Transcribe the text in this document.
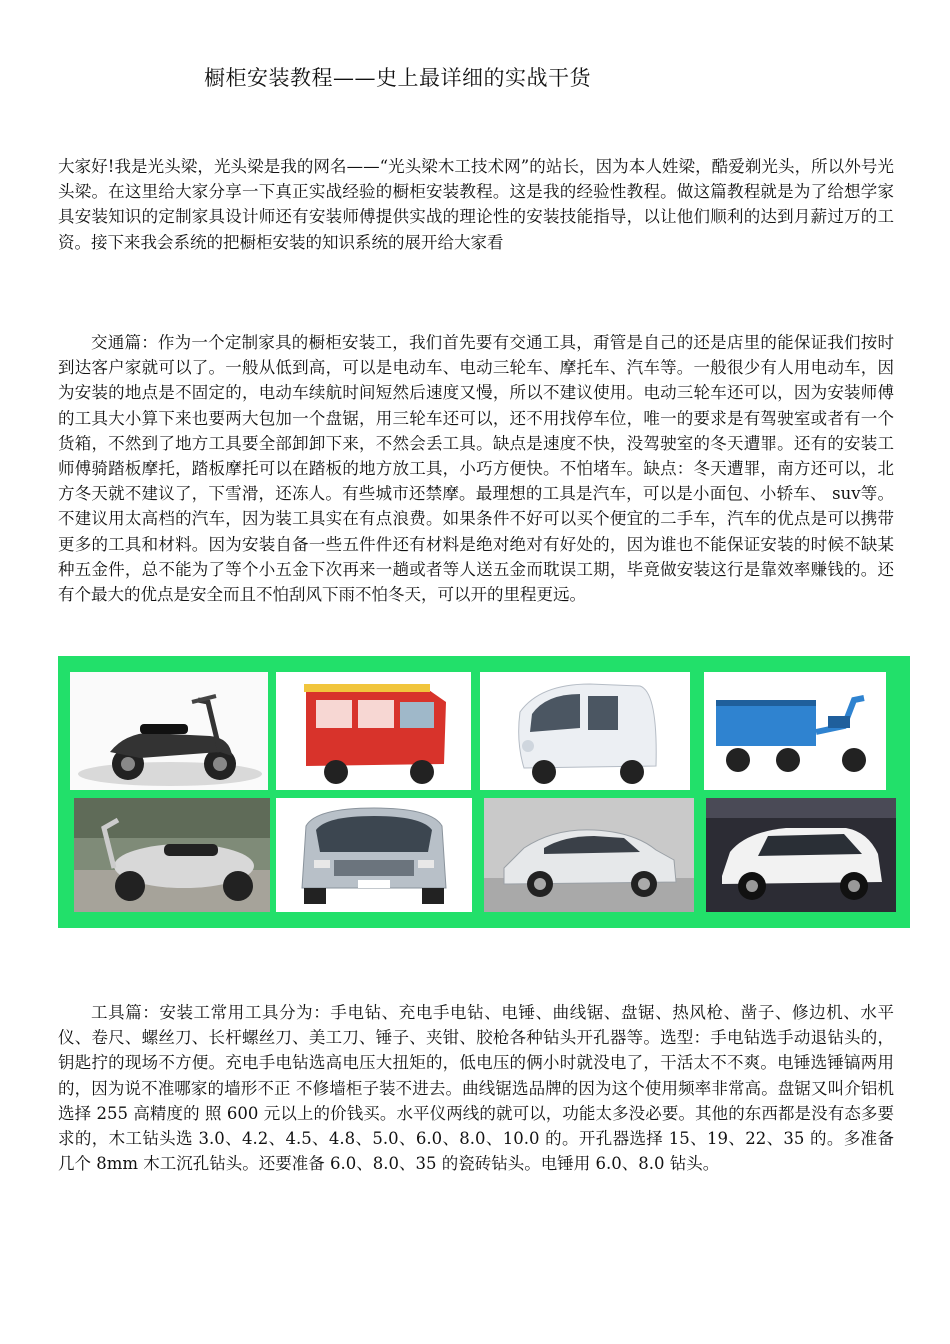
橱柜安装教程——史上最详细的实战干货

大家好!我是光头梁，光头梁是我的网名——“光头梁木工技术网”的站长，因为本人姓梁，酷爱剃光头，所以外号光头梁。在这里给大家分享一下真正实战经验的橱柜安装教程。这是我的经验性教程。做这篇教程就是为了给想学家具安装知识的定制家具设计师还有安装师傅提供实战的理论性的安装技能指导，以让他们顺利的达到月薪过万的工资。接下来我会系统的把橱柜安装的知识系统的展开给大家看

交通篇：作为一个定制家具的橱柜安装工，我们首先要有交通工具，甭管是自己的还是店里的能保证我们按时到达客户家就可以了。一般从低到高，可以是电动车、电动三轮车、摩托车、汽车等。一般很少有人用电动车，因为安装的地点是不固定的，电动车续航时间短然后速度又慢，所以不建议使用。电动三轮车还可以，因为安装师傅的工具大小算下来也要两大包加一个盘锯，用三轮车还可以，还不用找停车位，唯一的要求是有驾驶室或者有一个货箱，不然到了地方工具要全部卸卸下来，不然会丢工具。缺点是速度不快，没驾驶室的冬天遭罪。还有的安装工师傅骑踏板摩托，踏板摩托可以在踏板的地方放工具，小巧方便快。不怕堵车。缺点：冬天遭罪，南方还可以，北方冬天就不建议了，下雪滑，还冻人。有些城市还禁摩。最理想的工具是汽车，可以是小面包、小轿车、 suv等。不建议用太高档的汽车，因为装工具实在有点浪费。如果条件不好可以买个便宜的二手车，汽车的优点是可以携带更多的工具和材料。因为安装自备一些五件件还有材料是绝对绝对有好处的，因为谁也不能保证安装的时候不缺某种五金件，总不能为了等个小五金下次再来一趟或者等人送五金而耽误工期，毕竟做安装这行是靠效率赚钱的。还有个最大的优点是安全而且不怕刮风下雨不怕冬天，可以开的里程更远。

工具篇：安装工常用工具分为：手电钻、充电手电钻、电锤、曲线锯、盘锯、热风枪、凿子、修边机、水平仪、卷尺、螺丝刀、长杆螺丝刀、美工刀、锤子、夹钳、胶枪各种钻头开孔器等。选型：手电钻选手动退钻头的，钥匙拧的现场不方便。充电手电钻选高电压大扭矩的，低电压的俩小时就没电了，干活太不不爽。电锤选锤镐两用的，因为说不准哪家的墙形不正 不修墙柜子装不进去。曲线锯选品牌的因为这个使用频率非常高。盘锯又叫介铝机选择 255 高精度的 照 600 元以上的价钱买。水平仪两线的就可以，功能太多没必要。其他的东西都是没有态多要求的，木工钻头选 3.0、4.2、4.5、4.8、5.0、6.0、8.0、10.0 的。开孔器选择 15、19、22、35 的。多准备几个 8mm 木工沉孔钻头。还要准备 6.0、8.0、35 的瓷砖钻头。电锤用 6.0、8.0 钻头。
